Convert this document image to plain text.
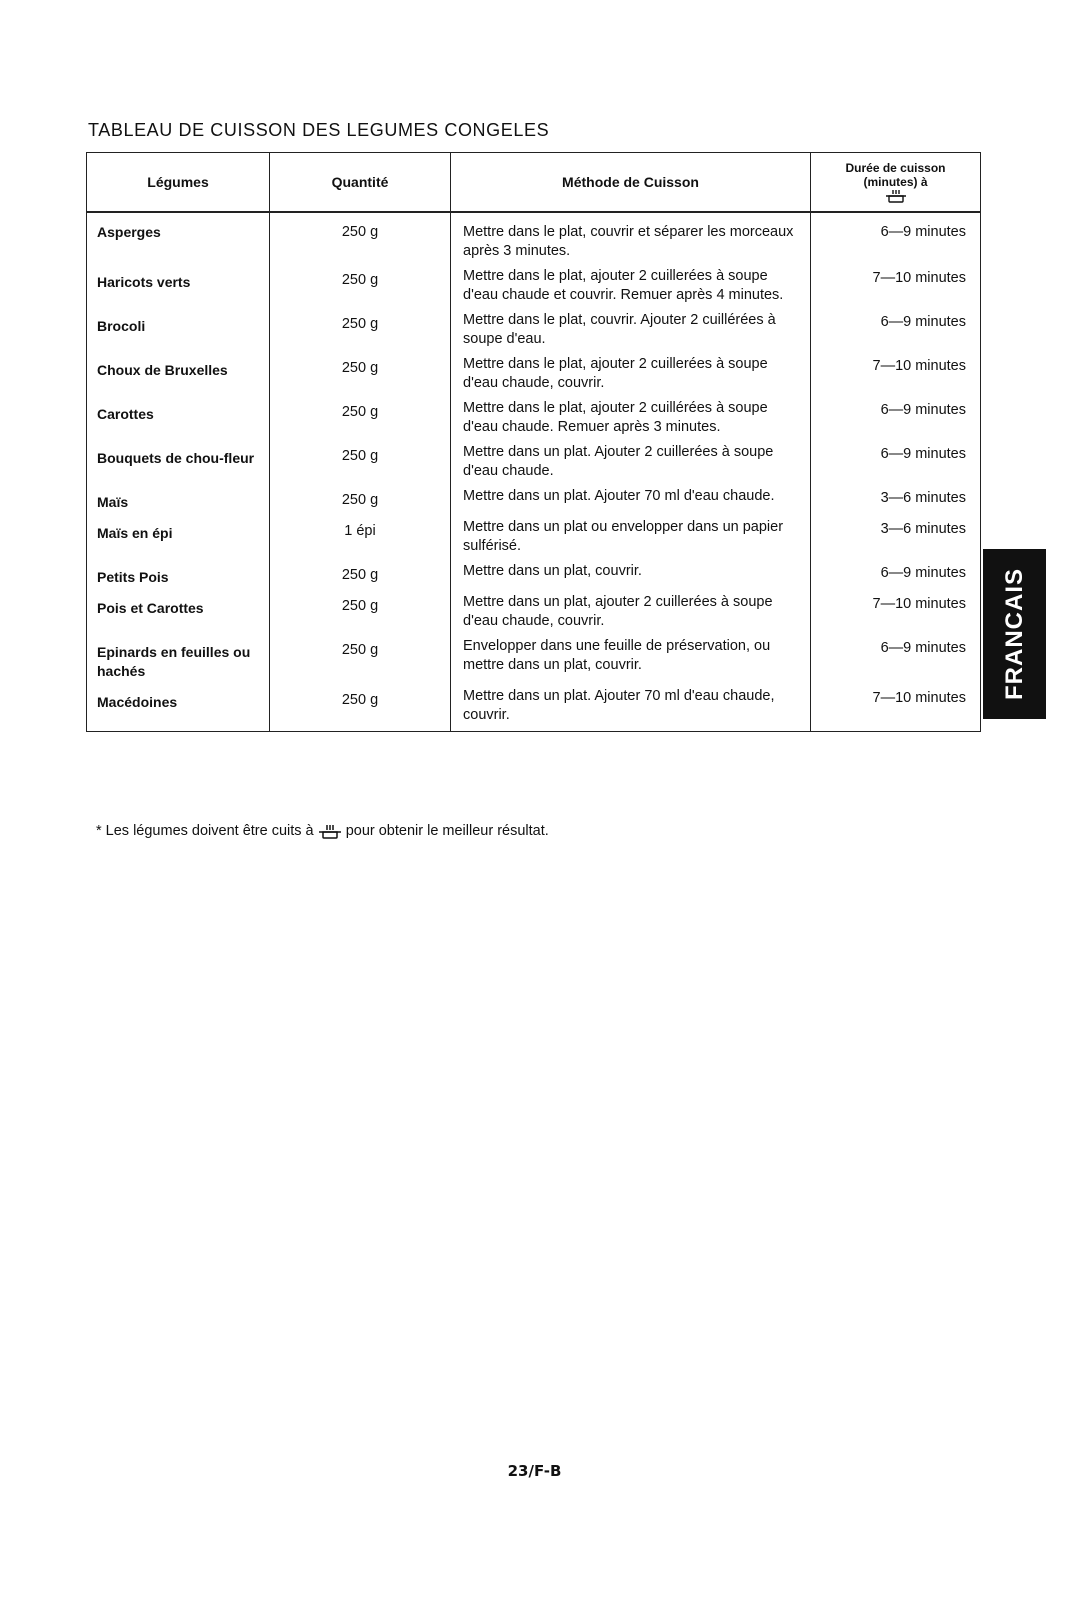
TABLEAU DE CUISSON DES LEGUMES CONGELES
Légumes	Quantité	Méthode de Cuisson	Durée de cuisson
(minutes) à

Asperges	250 g	Mettre dans le plat, couvrir et séparer les morceaux après 3 minutes.	6—9 minutes
Haricots verts	250 g	Mettre dans le plat, ajouter 2 cuillerées à soupe d'eau chaude et couvrir. Remuer après 4 minutes.	7—10 minutes
Brocoli	250 g	Mettre dans le plat, couvrir. Ajouter 2 cuillérées à soupe d'eau.	6—9 minutes
Choux de Bruxelles	250 g	Mettre dans le plat, ajouter 2 cuillerées à soupe d'eau chaude, couvrir.	7—10 minutes
Carottes	250 g	Mettre dans le plat, ajouter 2 cuillérées à soupe d'eau chaude. Remuer après 3 minutes.	6—9 minutes
Bouquets de chou-fleur	250 g	Mettre dans un plat. Ajouter 2 cuillerées à soupe d'eau chaude.	6—9 minutes
Maïs	250 g	Mettre dans un plat. Ajouter 70 ml d'eau chaude.	3—6 minutes
Maïs en épi	1 épi	Mettre dans un plat ou envelopper dans un papier sulférisé.	3—6 minutes
Petits Pois	250 g	Mettre dans un plat, couvrir.	6—9 minutes
Pois et Carottes	250 g	Mettre dans un plat, ajouter 2 cuillerées à soupe d'eau chaude, couvrir.	7—10 minutes
Epinards en feuilles ou hachés	250 g	Envelopper dans une feuille de préservation, ou mettre dans un plat, couvrir.	6—9 minutes
Macédoines	250 g	Mettre dans un plat. Ajouter 70 ml d'eau chaude, couvrir.	7—10 minutes
* Les légumes doivent être cuits à pour obtenir le meilleur résultat.
FRANCAIS
23/F-B
